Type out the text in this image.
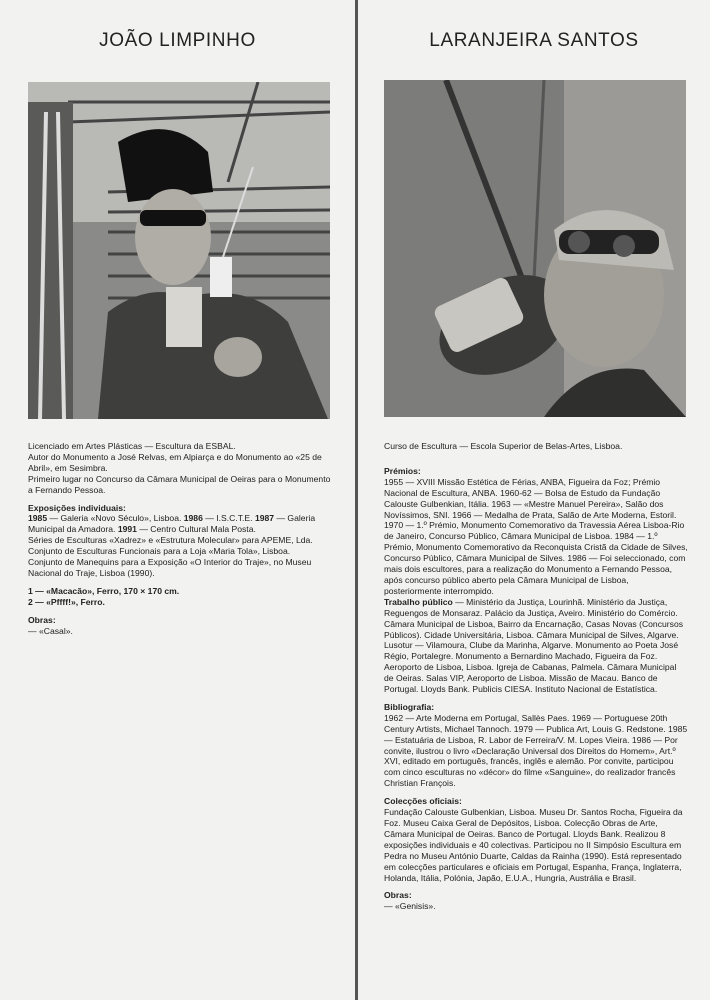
JOÃO LIMPINHO

Licenciado em Artes Plásticas — Escultura da ESBAL.

Autor do Monumento a José Relvas, em Alpiarça e do Monumento ao «25 de Abril», em Sesimbra.

Primeiro lugar no Concurso da Câmara Municipal de Oeiras para o Monumento a Fernando Pessoa.

Exposições individuais:

1985 — Galeria «Novo Século», Lisboa. 1986 — I.S.C.T.E. 1987 — Galeria Municipal da Amadora. 1991 — Centro Cultural Mala Posta.

Séries de Esculturas «Xadrez» e «Estrutura Molecular» para APEME, Lda.

Conjunto de Esculturas Funcionais para a Loja «Maria Tola», Lisboa.

Conjunto de Manequins para a Exposição «O Interior do Traje», no Museu Nacional do Traje, Lisboa (1990).

1 — «Macacão», Ferro, 170 × 170 cm.

2 — «Pffff!», Ferro.

Obras:

— «Casal».

LARANJEIRA SANTOS

Curso de Escultura — Escola Superior de Belas-Artes, Lisboa.

Prémios:

1955 — XVIII Missão Estética de Férias, ANBA, Figueira da Foz; Prémio Nacional de Escultura, ANBA. 1960-62 — Bolsa de Estudo da Fundação Calouste Gulbenkian, Itália. 1963 — «Mestre Manuel Pereira», Salão dos Novíssimos, SNI. 1966 — Medalha de Prata, Salão de Arte Moderna, Estoril. 1970 — 1.º Prémio, Monumento Comemorativo da Travessia Aérea Lisboa-Rio de Janeiro, Concurso Público, Câmara Municipal de Lisboa. 1984 — 1.º Prémio, Monumento Comemorativo da Reconquista Cristã da Cidade de Silves, Concurso Público, Câmara Municipal de Silves. 1986 — Foi seleccionado, com mais dois escultores, para a realização do Monumento a Fernando Pessoa, após concurso público aberto pela Câmara Municipal de Lisboa, posteriormente interrompido.

Trabalho público — Ministério da Justiça, Lourinhã. Ministério da Justiça, Reguengos de Monsaraz. Palácio da Justiça, Aveiro. Ministério do Comércio. Câmara Municipal de Lisboa, Bairro da Encarnação, Casas Novas (Concursos Públicos). Cidade Universitária, Lisboa. Câmara Municipal de Silves, Algarve. Lusotur — Vilamoura, Clube da Marinha, Algarve. Monumento ao Poeta José Régio, Portalegre. Monumento a Bernardino Machado, Figueira da Foz. Aeroporto de Lisboa, Lisboa. Igreja de Cabanas, Palmela. Câmara Municipal de Oeiras. Salas VIP, Aeroporto de Lisboa. Missão de Macau. Banco de Portugal. Lloyds Bank. Publicis CIESA. Instituto Nacional de Estatística.

Bibliografia:

1962 — Arte Moderna em Portugal, Sallès Paes. 1969 — Portuguese 20th Century Artists, Michael Tannoch. 1979 — Publica Art, Louis G. Redstone. 1985 — Estatuária de Lisboa, R. Labor de Ferreira/V. M. Lopes Vieira. 1986 — Por convite, ilustrou o livro «Declaração Universal dos Direitos do Homem», Art.º XVI, editado em português, francês, inglês e alemão. Por convite, participou com cinco esculturas no «décor» do filme «Sanguine», do realizador francês Christian François.

Colecções oficiais:

Fundação Calouste Gulbenkian, Lisboa. Museu Dr. Santos Rocha, Figueira da Foz. Museu Caixa Geral de Depósitos, Lisboa. Colecção Obras de Arte, Câmara Municipal de Oeiras. Banco de Portugal. Lloyds Bank. Realizou 8 exposições individuais e 40 colectivas. Participou no II Simpósio Escultura em Pedra no Museu António Duarte, Caldas da Rainha (1990). Está representado em colecções particulares e oficiais em Portugal, Espanha, França, Inglaterra, Holanda, Itália, Polónia, Japão, E.U.A., Hungria, Austrália e Brasil.

Obras:

— «Genisis».
